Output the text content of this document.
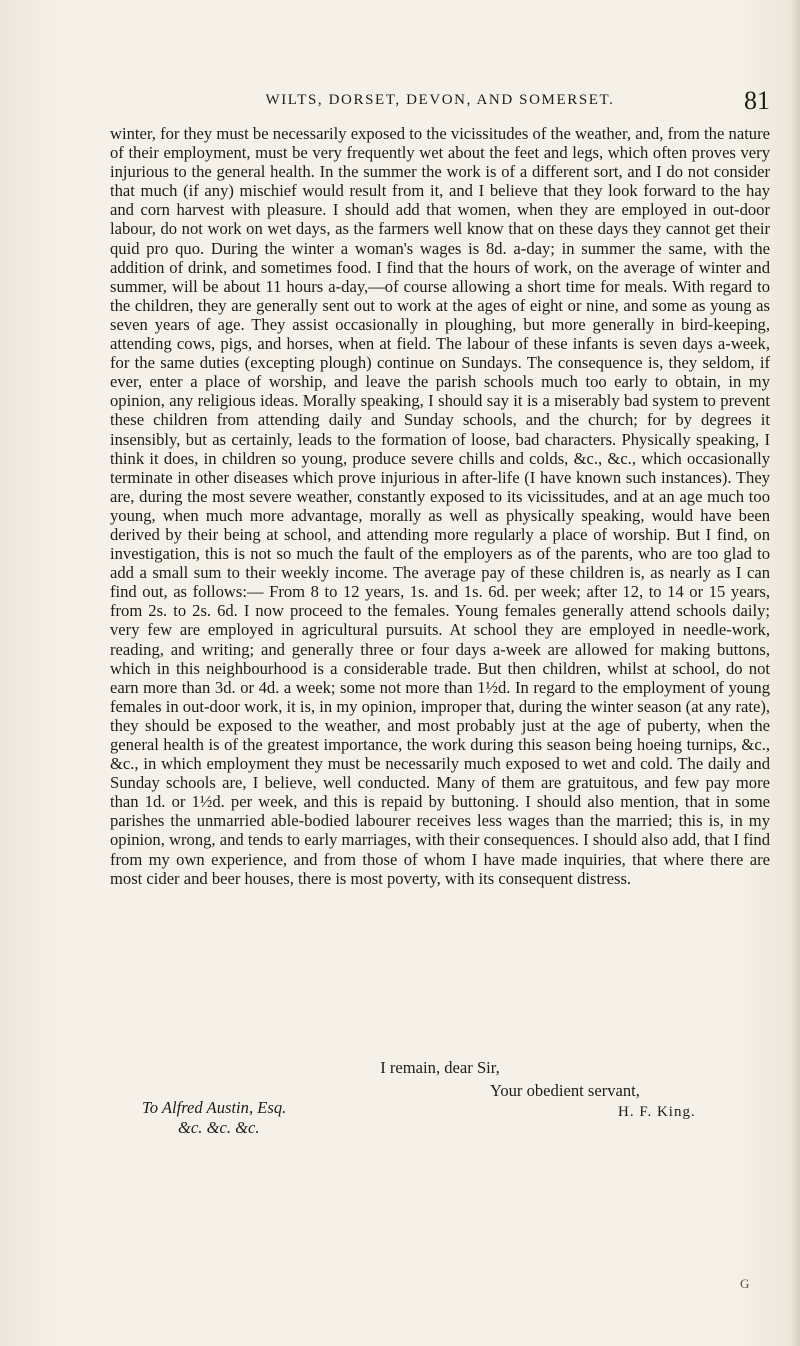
WILTS, DORSET, DEVON, AND SOMERSET.	81

winter, for they must be necessarily exposed to the vicissitudes of the weather, and, from the nature of their employment, must be very frequently wet about the feet and legs, which often proves very injurious to the general health. In the summer the work is of a different sort, and I do not consider that much (if any) mischief would result from it, and I believe that they look forward to the hay and corn harvest with pleasure. I should add that women, when they are employed in out-door labour, do not work on wet days, as the farmers well know that on these days they cannot get their quid pro quo. During the winter a woman's wages is 8d. a-day; in summer the same, with the addition of drink, and sometimes food. I find that the hours of work, on the average of winter and summer, will be about 11 hours a-day,—of course allowing a short time for meals. With regard to the children, they are generally sent out to work at the ages of eight or nine, and some as young as seven years of age. They assist occasionally in ploughing, but more generally in bird-keeping, attending cows, pigs, and horses, when at field. The labour of these infants is seven days a-week, for the same duties (excepting plough) continue on Sundays. The consequence is, they seldom, if ever, enter a place of worship, and leave the parish schools much too early to obtain, in my opinion, any religious ideas. Morally speaking, I should say it is a miserably bad system to prevent these children from attending daily and Sunday schools, and the church; for by degrees it insensibly, but as certainly, leads to the formation of loose, bad characters. Physically speaking, I think it does, in children so young, produce severe chills and colds, &c., &c., which occasionally terminate in other diseases which prove injurious in after-life (I have known such instances). They are, during the most severe weather, constantly exposed to its vicissitudes, and at an age much too young, when much more advantage, morally as well as physically speaking, would have been derived by their being at school, and attending more regularly a place of worship. But I find, on investigation, this is not so much the fault of the employers as of the parents, who are too glad to add a small sum to their weekly income. The average pay of these children is, as nearly as I can find out, as follows:— From 8 to 12 years, 1s. and 1s. 6d. per week; after 12, to 14 or 15 years, from 2s. to 2s. 6d. I now proceed to the females. Young females generally attend schools daily; very few are employed in agricultural pursuits. At school they are employed in needle-work, reading, and writing; and generally three or four days a-week are allowed for making buttons, which in this neighbourhood is a considerable trade. But then children, whilst at school, do not earn more than 3d. or 4d. a week; some not more than 1½d. In regard to the employment of young females in out-door work, it is, in my opinion, improper that, during the winter season (at any rate), they should be exposed to the weather, and most probably just at the age of puberty, when the general health is of the greatest importance, the work during this season being hoeing turnips, &c., &c., in which employment they must be necessarily much exposed to wet and cold. The daily and Sunday schools are, I believe, well conducted. Many of them are gratuitous, and few pay more than 1d. or 1½d. per week, and this is repaid by buttoning. I should also mention, that in some parishes the unmarried able-bodied labourer receives less wages than the married; this is, in my opinion, wrong, and tends to early marriages, with their consequences. I should also add, that I find from my own experience, and from those of whom I have made inquiries, that where there are most cider and beer houses, there is most poverty, with its consequent distress.

I remain, dear Sir,
Your obedient servant,
To Alfred Austin, Esq.
&c. &c. &c.
H. F. King.
G
